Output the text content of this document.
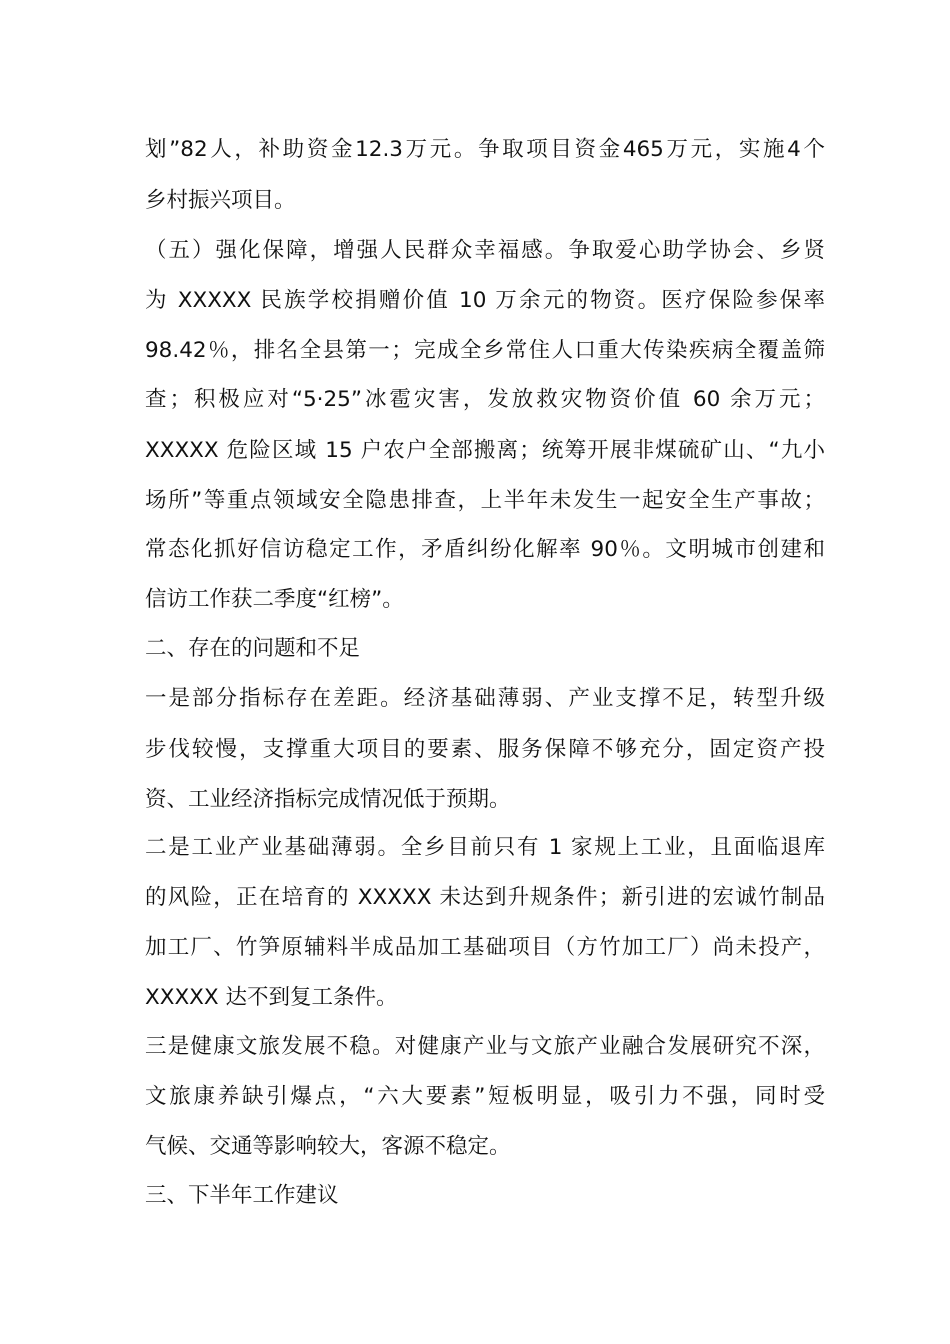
划”82人，补助资金12.3万元。争取项目资金465万元，实施4个
乡村振兴项目。
（五）强化保障，增强人民群众幸福感。争取爱心助学协会、乡贤
为 XXXXX 民族学校捐赠价值 10 万余元的物资。医疗保险参保率
98.42％，排名全县第一；完成全乡常住人口重大传染疾病全覆盖筛
查；积极应对“5·25”冰雹灾害，发放救灾物资价值 60 余万元；
XXXXX 危险区域 15 户农户全部搬离；统筹开展非煤硫矿山、“九小
场所”等重点领域安全隐患排查，上半年未发生一起安全生产事故；
常态化抓好信访稳定工作，矛盾纠纷化解率 90％。文明城市创建和
信访工作获二季度“红榜”。
二、存在的问题和不足
一是部分指标存在差距。经济基础薄弱、产业支撑不足，转型升级
步伐较慢，支撑重大项目的要素、服务保障不够充分，固定资产投
资、工业经济指标完成情况低于预期。
二是工业产业基础薄弱。全乡目前只有 1 家规上工业，且面临退库
的风险，正在培育的 XXXXX 未达到升规条件；新引进的宏诚竹制品
加工厂、竹笋原辅料半成品加工基础项目（方竹加工厂）尚未投产，
XXXXX 达不到复工条件。
三是健康文旅发展不稳。对健康产业与文旅产业融合发展研究不深，
文旅康养缺引爆点，“六大要素”短板明显，吸引力不强，同时受
气候、交通等影响较大，客源不稳定。
三、下半年工作建议
